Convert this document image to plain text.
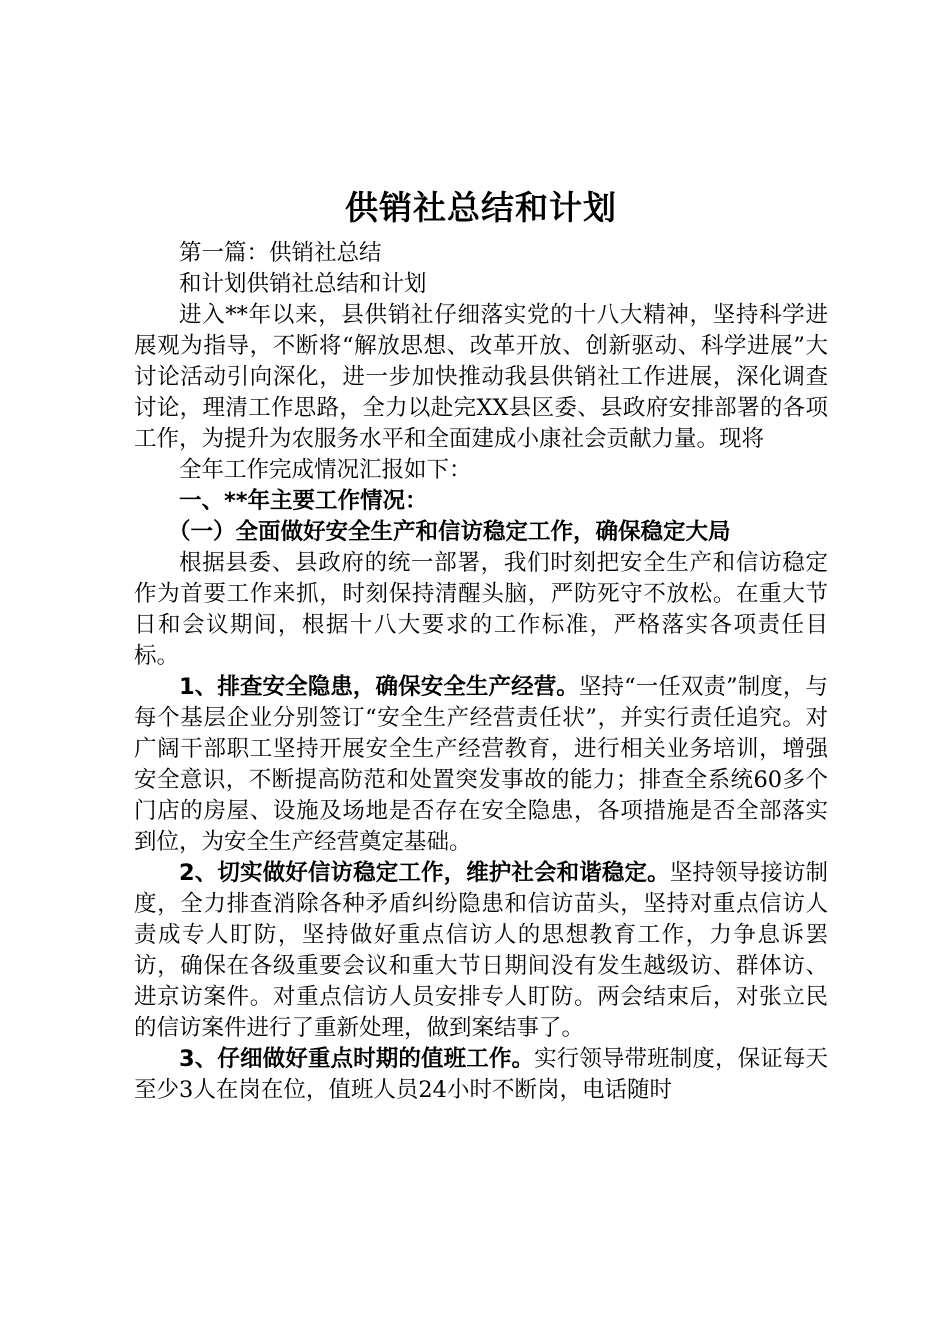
供销社总结和计划

第一篇：供销社总结

和计划供销社总结和计划

进入**年以来，县供销社仔细落实党的十八大精神，坚持科学进展观为指导，不断将“解放思想、改革开放、创新驱动、科学进展”大讨论活动引向深化，进一步加快推动我县供销社工作进展，深化调查讨论，理清工作思路，全力以赴完XX县区委、县政府安排部署的各项工作，为提升为农服务水平和全面建成小康社会贡献力量。现将

全年工作完成情况汇报如下：

一、**年主要工作情况：

（一）全面做好安全生产和信访稳定工作，确保稳定大局

根据县委、县政府的统一部署，我们时刻把安全生产和信访稳定作为首要工作来抓，时刻保持清醒头脑，严防死守不放松。在重大节日和会议期间，根据十八大要求的工作标准，严格落实各项责任目标。

1、排查安全隐患，确保安全生产经营。坚持“一任双责”制度，与每个基层企业分别签订“安全生产经营责任状”，并实行责任追究。对广阔干部职工坚持开展安全生产经营教育，进行相关业务培训，增强安全意识，不断提高防范和处置突发事故的能力；排查全系统60多个门店的房屋、设施及场地是否存在安全隐患，各项措施是否全部落实到位，为安全生产经营奠定基础。

2、切实做好信访稳定工作，维护社会和谐稳定。坚持领导接访制度，全力排查消除各种矛盾纠纷隐患和信访苗头，坚持对重点信访人责成专人盯防，坚持做好重点信访人的思想教育工作，力争息诉罢访，确保在各级重要会议和重大节日期间没有发生越级访、群体访、进京访案件。对重点信访人员安排专人盯防。两会结束后，对张立民的信访案件进行了重新处理，做到案结事了。

3、仔细做好重点时期的值班工作。实行领导带班制度，保证每天至少3人在岗在位，值班人员24小时不断岗，电话随时
